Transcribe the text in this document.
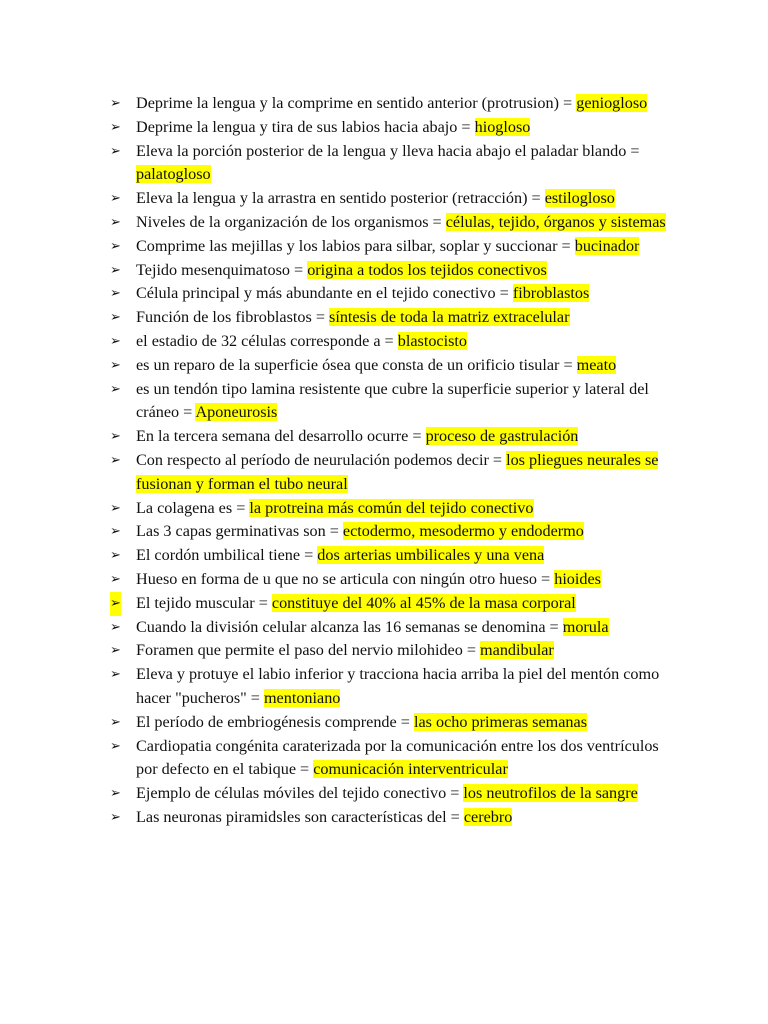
➢ Deprime la lengua y la comprime en sentido anterior (protrusion) = geniogloso
➢ Deprime la lengua y tira de sus labios hacia abajo = hiogloso
➢ Eleva la porción posterior de la lengua y lleva hacia abajo el paladar blando = palatogloso
➢ Eleva la lengua y la arrastra en sentido posterior (retracción) = estilogloso
➢ Niveles de la organización de los organismos = células, tejido, órganos y sistemas
➢ Comprime las mejillas y los labios para silbar, soplar y succionar = bucinador
➢ Tejido mesenquimatoso = origina a todos los tejidos conectivos
➢ Célula principal y más abundante en el tejido conectivo = fibroblastos
➢ Función de los fibroblastos = síntesis de toda la matriz extracelular
➢ el estadio de 32 células corresponde a = blastocisto
➢ es un reparo de la superficie ósea que consta de un orificio tisular = meato
➢ es un tendón tipo lamina resistente que cubre la superficie superior y lateral del cráneo = Aponeurosis
➢ En la tercera semana del desarrollo ocurre = proceso de gastrulación
➢ Con respecto al período de neurulación podemos decir = los pliegues neurales se fusionan y forman el tubo neural
➢ La colagena es = la protreina más común del tejido conectivo
➢ Las 3 capas germinativas son = ectodermo, mesodermo y endodermo
➢ El cordón umbilical tiene = dos arterias umbilicales y una vena
➢ Hueso en forma de u que no se articula con ningún otro hueso = hioides
➢ El tejido muscular = constituye del 40% al 45% de la masa corporal
➢ Cuando la división celular alcanza las 16 semanas se denomina = morula
➢ Foramen que permite el paso del nervio milohideo = mandibular
➢ Eleva y protuye el labio inferior y tracciona hacia arriba la piel del mentón como hacer "pucheros" = mentoniano
➢ El período de embriogénesis comprende = las ocho primeras semanas
➢ Cardiopatia congénita caraterizada por la comunicación entre los dos ventrículos por defecto en el tabique = comunicación interventricular
➢ Ejemplo de células móviles del tejido conectivo = los neutrofilos de la sangre
➢ Las neuronas piramidsles son características del = cerebro
